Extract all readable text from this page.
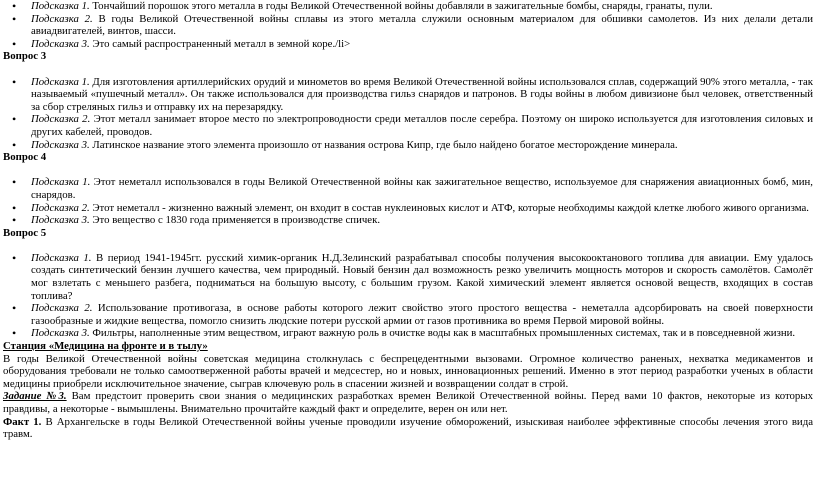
• Подсказка 1. Тончайший порошок этого металла в годы Великой Отечественной войны добавляли в зажигательные бомбы, снаряды, гранаты, пули.
• Подсказка 2. В годы Великой Отечественной войны сплавы из этого металла служили основным материалом для обшивки самолетов. Из них делали детали авиадвигателей, винтов, шасси.
• Подсказка 3. Это самый распространенный металл в земной коре./li>
Вопрос 3
• Подсказка 1. Для изготовления артиллерийских орудий и минометов во время Великой Отечественной войны использовался сплав, содержащий 90% этого металла, - так называемый «пушечный металл». Он также использовался для производства гильз снарядов и патронов. В годы войны в любом дивизионе был человек, ответственный за сбор стреляных гильз и отправку их на перезарядку.
• Подсказка 2. Этот металл занимает второе место по электропроводности среди металлов после серебра. Поэтому он широко используется для изготовления силовых и других кабелей, проводов.
• Подсказка 3. Латинское название этого элемента произошло от названия острова Кипр, где было найдено богатое месторождение минерала.
Вопрос 4
• Подсказка 1. Этот неметалл использовался в годы Великой Отечественной войны как зажигательное вещество, используемое для снаряжения авиационных бомб, мин, снарядов.
• Подсказка 2. Этот неметалл - жизненно важный элемент, он входит в состав нуклеиновых кислот и АТФ, которые необходимы каждой клетке любого живого организма.
• Подсказка 3. Это вещество с 1830 года применяется в производстве спичек.
Вопрос 5
• Подсказка 1. В период 1941-1945гг. русский химик-органик Н.Д.Зелинский разрабатывал способы получения высокооктанового топлива для авиации. Ему удалось создать синтетический бензин лучшего качества, чем природный. Новый бензин дал возможность резко увеличить мощность моторов и скорость самолётов. Самолёт мог взлетать с меньшего разбега, подниматься на большую высоту, с большим грузом. Какой химический элемент является основой веществ, входящих в состав топлива?
• Подсказка 2. Использование противогаза, в основе работы которого лежит свойство этого простого вещества - неметалла адсорбировать на своей поверхности газообразные и жидкие вещества, помогло снизить людские потери русской армии от газов противника во время Первой мировой войны.
• Подсказка 3. Фильтры, наполненные этим веществом, играют важную роль в очистке воды как в масштабных промышленных системах, так и в повседневной жизни.
Станция «Медицина на фронте и в тылу»

В годы Великой Отечественной войны советская медицина столкнулась с беспрецедентными вызовами. Огромное количество раненых, нехватка медикаментов и оборудования требовали не только самоотверженной работы врачей и медсестер, но и новых, инновационных решений. Именно в этот период разработки ученых в области медицины приобрели исключительное значение, сыграв ключевую роль в спасении жизней и возвращении солдат в строй.

Задание №3. Вам предстоит проверить свои знания о медицинских разработках времен Великой Отечественной войны. Перед вами 10 фактов, некоторые из которых правдивы, а некоторые - вымышлены. Внимательно прочитайте каждый факт и определите, верен он или нет.

Факт 1. В Архангельске в годы Великой Отечественной войны ученые проводили изучение обморожений, изыскивая наиболее эффективные способы лечения этого вида травм.
